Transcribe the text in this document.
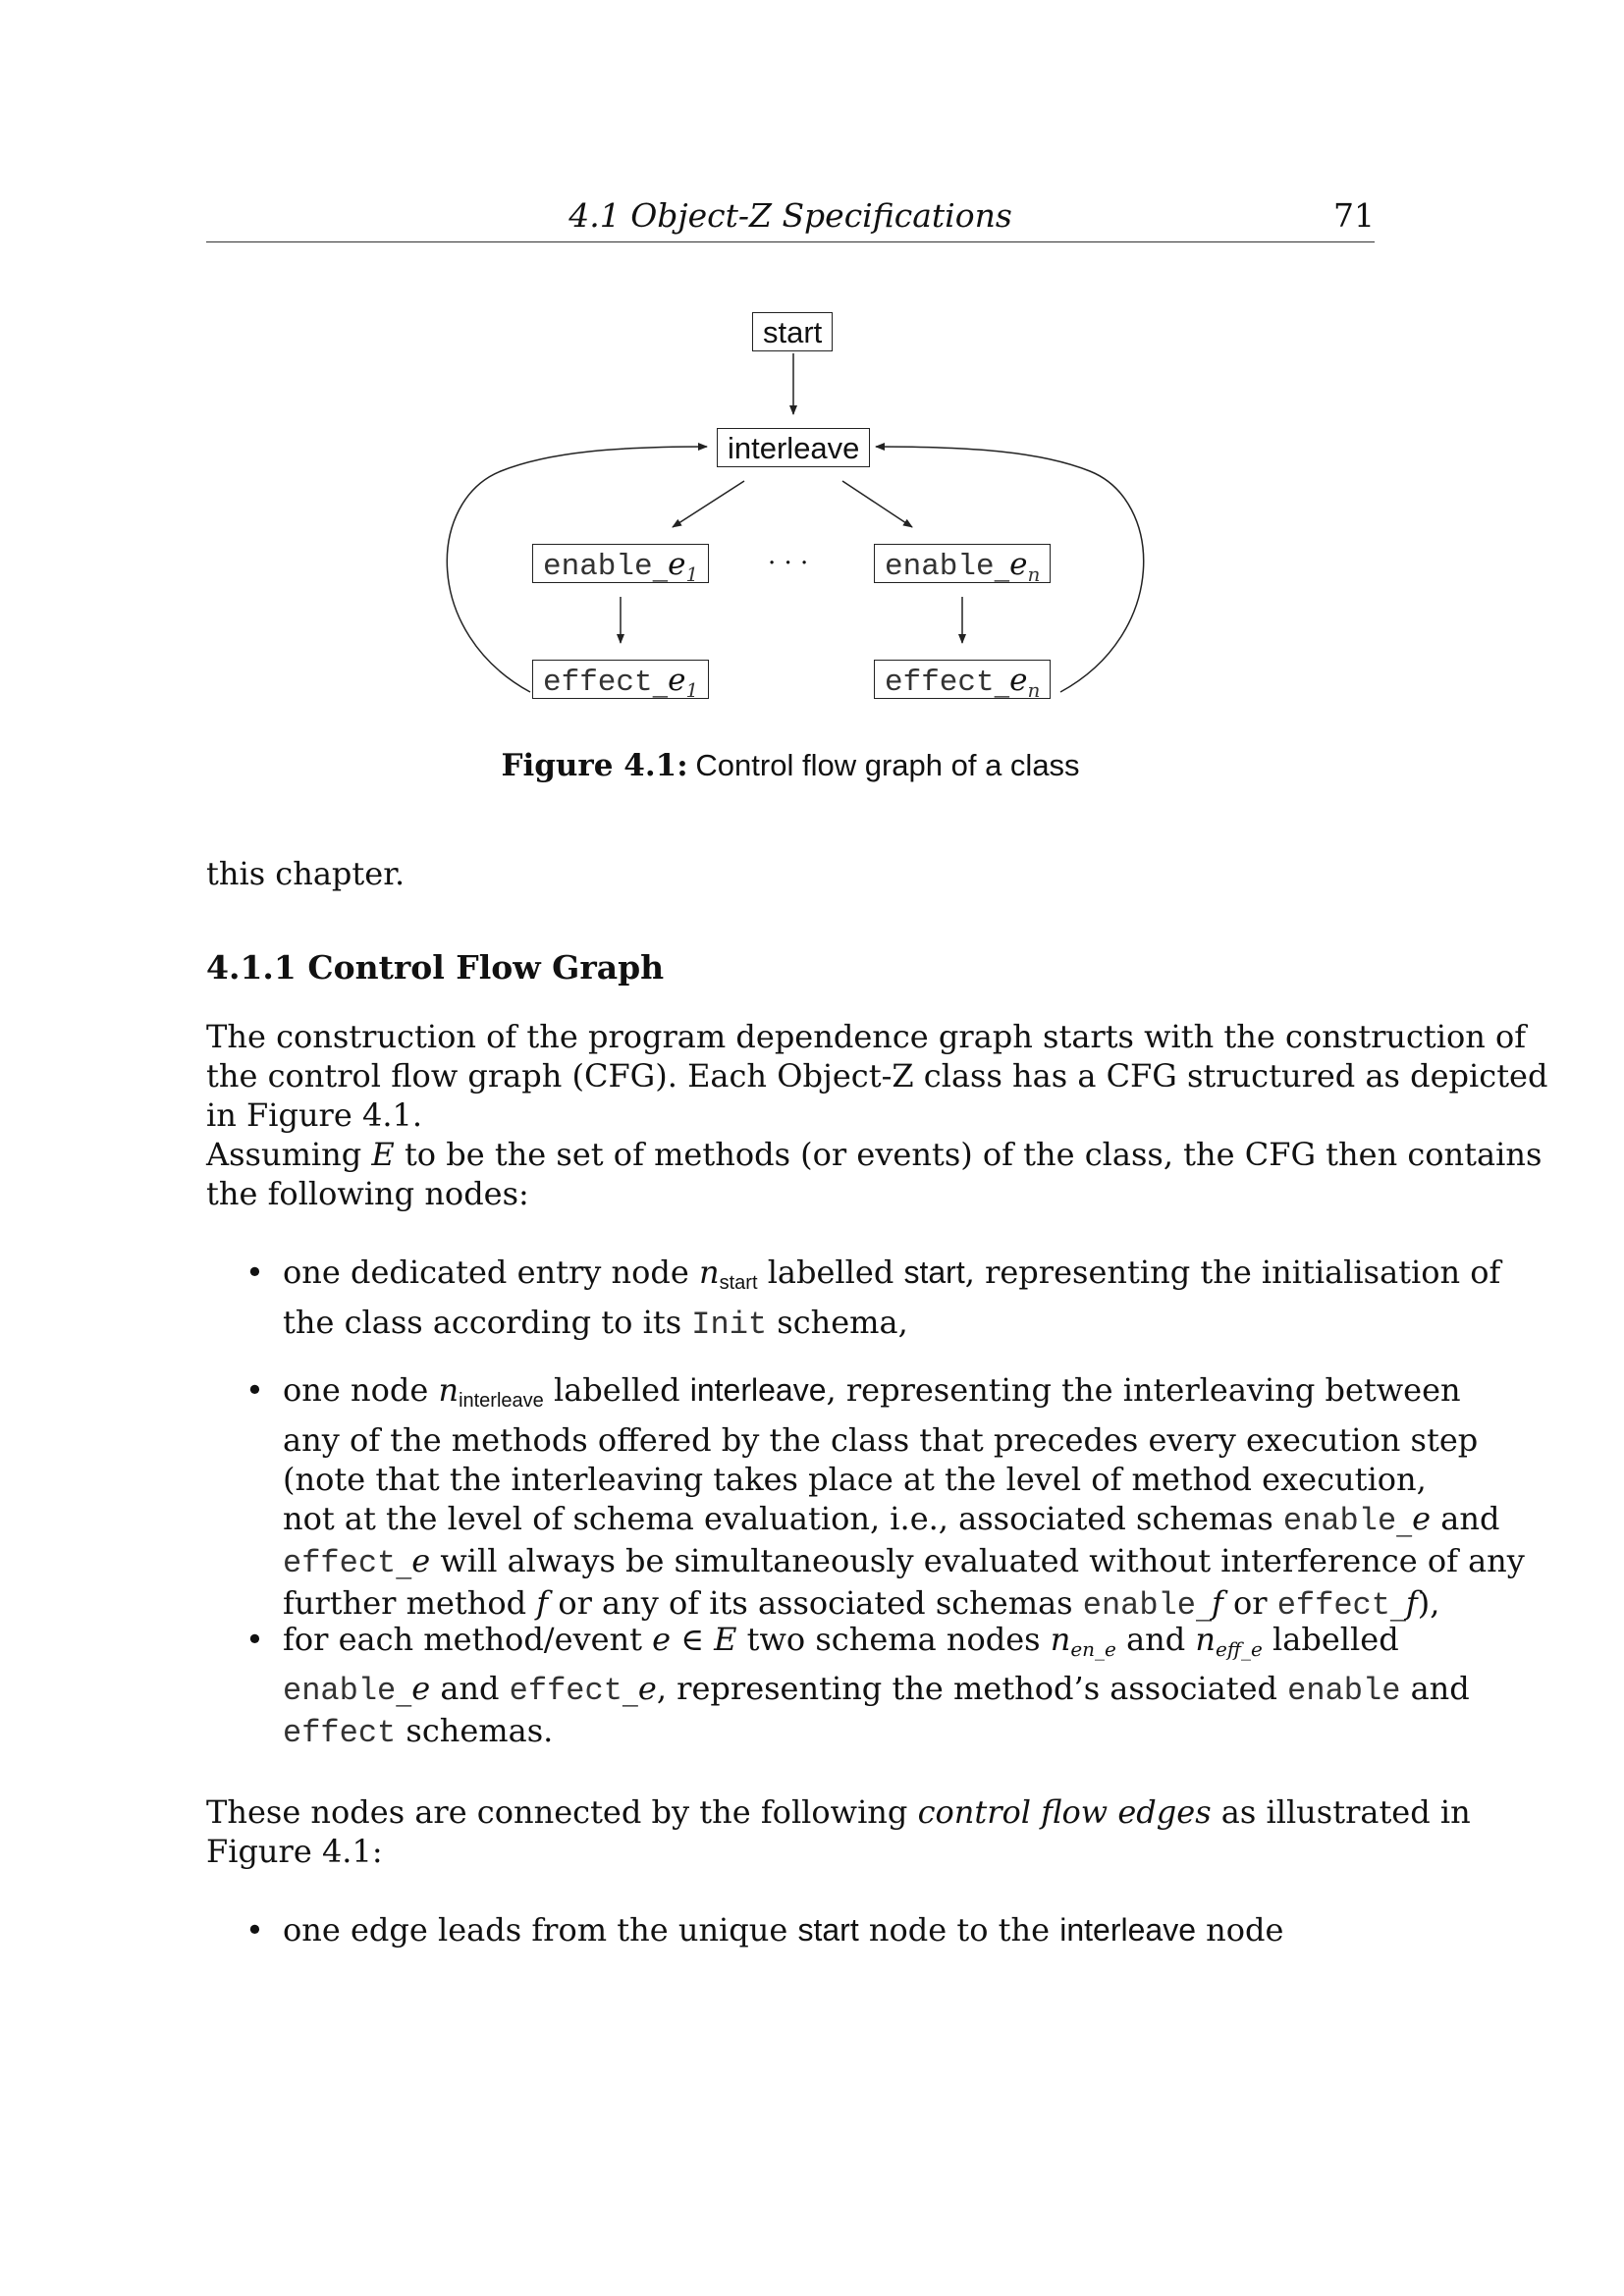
4.1 Object-Z Specifications	71
start
interleave
$enable\_e_1$	· · ·	$enable\_e_n$
$effect\_e_1$	$effect\_e_n$
Figure 4.1: Control flow graph of a class
this chapter.
4.1.1 Control Flow Graph
The construction of the program dependence graph starts with the construction of
the control flow graph (CFG). Each Object-Z class has a CFG structured as depicted
in Figure 4.1.
Assuming E to be the set of methods (or events) of the class, the CFG then contains
the following nodes:
• one dedicated entry node $n_{start}$ labelled start, representing the initialisation of
the class according to its Init schema,
• one node $n_{interleave}$ labelled interleave, representing the interleaving between
any of the methods offered by the class that precedes every execution step
(note that the interleaving takes place at the level of method execution,
not at the level of schema evaluation, i.e., associated schemas enable_e and
effect_e will always be simultaneously evaluated without interference of any
further method f or any of its associated schemas enable_f or effect_f),
• for each method/event e ∈ E two schema nodes nen_e and neff_e labelled
enable_e and effect_e, representing the method’s associated enable and
effect schemas.
These nodes are connected by the following control flow edges as illustrated in
Figure 4.1:
• one edge leads from the unique start node to the interleave node
